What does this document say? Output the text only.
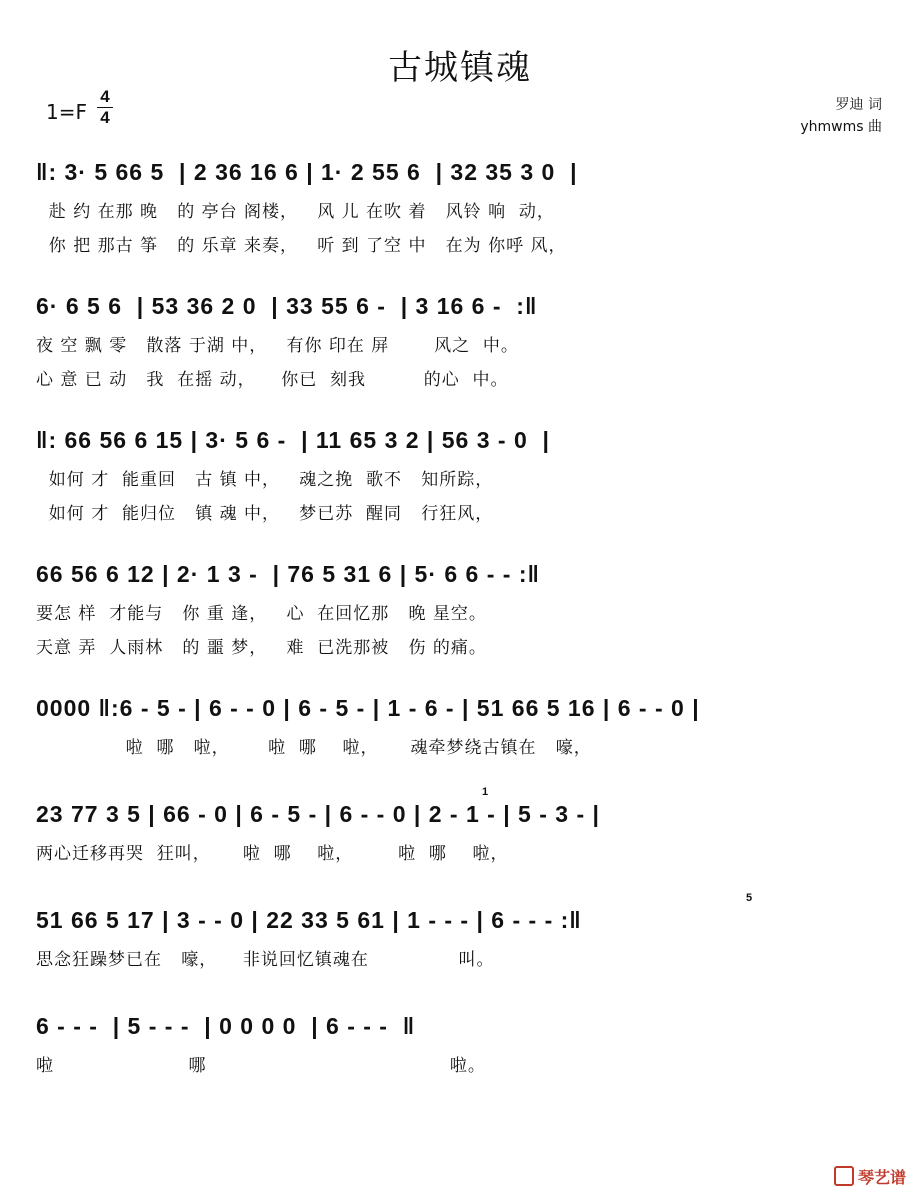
古城镇魂
1=F
4
4
罗迪 词
yhmwms 曲
‖: 3· 5 66 5  | 2 36 16 6 | 1· 2 55 6  | 32 35 3 0  |
赴 约 在那 晚   的 亭台 阁楼，   风 儿 在吹 着   风铃 响  动，
你 把 那古 筝   的 乐章 来奏，   听 到 了空 中   在为 你呼 风，
6· 6 5 6  | 53 36 2 0  | 33 55 6 -  | 3 16 6 -  :‖
夜 空 飘 零   散落 于湖 中，   有你 印在 屏       风之  中。
心 意 已 动   我  在摇 动，    你已  刻我         的心  中。
‖: 66 56 6 15 | 3· 5 6 -  | 11 65 3 2 | 56 3 - 0  |
如何 才  能重回   古 镇 中，   魂之挽  歌不   知所踪，
如何 才  能归位   镇 魂 中，   梦已苏  醒同   行狂风，
66 56 6 12 | 2· 1 3 -  | 76 5 31 6 | 5· 6 6 - - :‖
要怎 样  才能与   你 重 逢，   心  在回忆那   晚 星空。
天意 弄  人雨林   的 噩 梦，   难  已洗那被   伤 的痛。
0000 ‖:6 - 5 - | 6 - - 0 | 6 - 5 - | 1 - 6 - | 51 66 5 16 | 6 - - 0 |
啦  哪   啦，      啦  哪    啦，     魂牵梦绕古镇在   嚎，
1
23 77 3 5 | 66 - 0 | 6 - 5 - | 6 - - 0 | 2 - 1 - | 5 - 3 - |
两心迁移再哭  狂叫，     啦  哪    啦，       啦  哪    啦，
5
51 66 5 17 | 3 - - 0 | 22 33 5 61 | 1 - - - | 6 - - - :‖
思念狂躁梦已在   嚎，    非说回忆镇魂在              叫。
6 - - -  | 5 - - -  | 0 0 0 0  | 6 - - -  ‖
啦                     哪                                      啦。
琴艺谱
